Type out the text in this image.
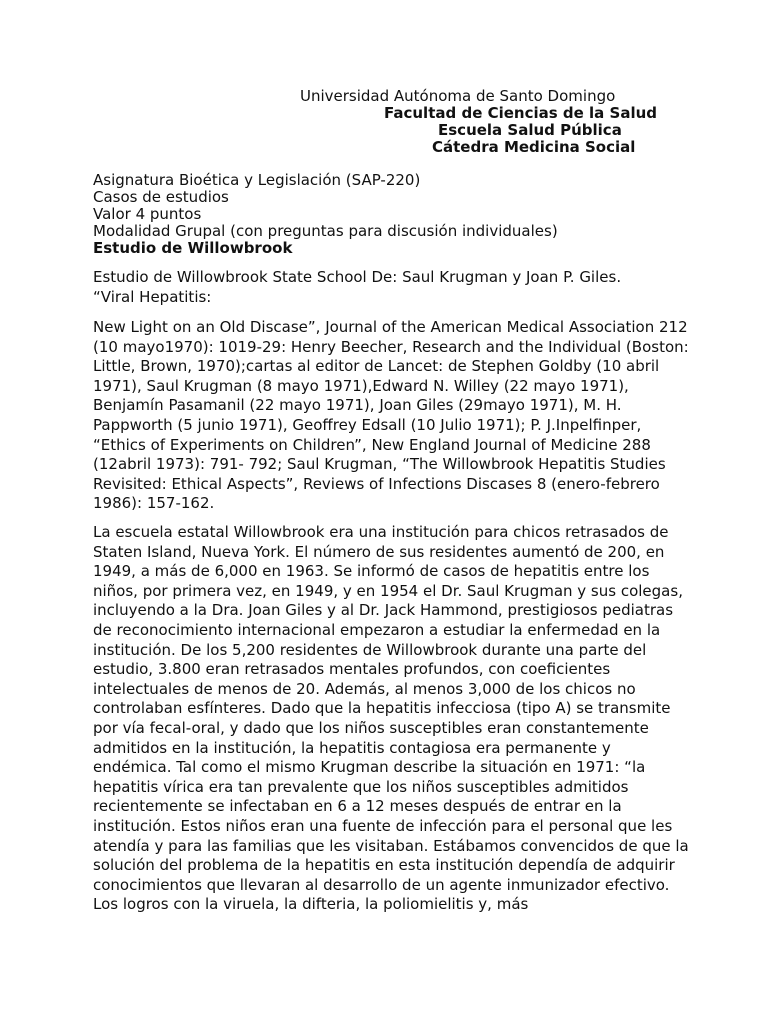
Universidad Autónoma de Santo Domingo
Facultad de Ciencias de la Salud
Escuela Salud Pública
Cátedra Medicina Social
Asignatura Bioética y Legislación (SAP-220)
Casos de estudios
Valor 4 puntos
Modalidad Grupal (con preguntas para discusión individuales)
Estudio de Willowbrook
Estudio de Willowbrook State School De: Saul Krugman y Joan P. Giles.
“Viral Hepatitis:

New Light on an Old Discase”, Journal of the American Medical Association 212 (10 mayo1970): 1019-29: Henry Beecher, Research and the Individual (Boston: Little, Brown, 1970);cartas al editor de Lancet: de Stephen Goldby (10 abril 1971), Saul Krugman (8 mayo 1971),Edward N. Willey (22 mayo 1971), Benjamín Pasamanil (22 mayo 1971), Joan Giles (29mayo 1971), M. H. Pappworth (5 junio 1971), Geoffrey Edsall (10 Julio 1971); P. J.Inpelfinper, “Ethics of Experiments on Children”, New England Journal of Medicine 288 (12abril 1973): 791- 792; Saul Krugman, “The Willowbrook Hepatitis Studies Revisited: Ethical Aspects”, Reviews of Infections Discases 8 (enero-febrero 1986): 157-162.

La escuela estatal Willowbrook era una institución para chicos retrasados de Staten Island, Nueva York. El número de sus residentes aumentó de 200, en 1949, a más de 6,000 en 1963. Se informó de casos de hepatitis entre los niños, por primera vez, en 1949, y en 1954 el Dr. Saul Krugman y sus colegas, incluyendo a la Dra. Joan Giles y al Dr. Jack Hammond, prestigiosos pediatras de reconocimiento internacional empezaron a estudiar la enfermedad en la institución. De los 5,200 residentes de Willowbrook durante una parte del estudio, 3.800 eran retrasados mentales profundos, con coeficientes intelectuales de menos de 20. Además, al menos 3,000 de los chicos no controlaban esfínteres. Dado que la hepatitis infecciosa (tipo A) se transmite por vía fecal-oral, y dado que los niños susceptibles eran constantemente admitidos en la institución, la hepatitis contagiosa era permanente y endémica. Tal como el mismo Krugman describe la situación en 1971: “la hepatitis vírica era tan prevalente que los niños susceptibles admitidos recientemente se infectaban en 6 a 12 meses después de entrar en la institución. Estos niños eran una fuente de infección para el personal que les atendía y para las familias que les visitaban. Estábamos convencidos de que la solución del problema de la hepatitis en esta institución dependía de adquirir conocimientos que llevaran al desarrollo de un agente inmunizador efectivo. Los logros con la viruela, la difteria, la poliomielitis y, más
